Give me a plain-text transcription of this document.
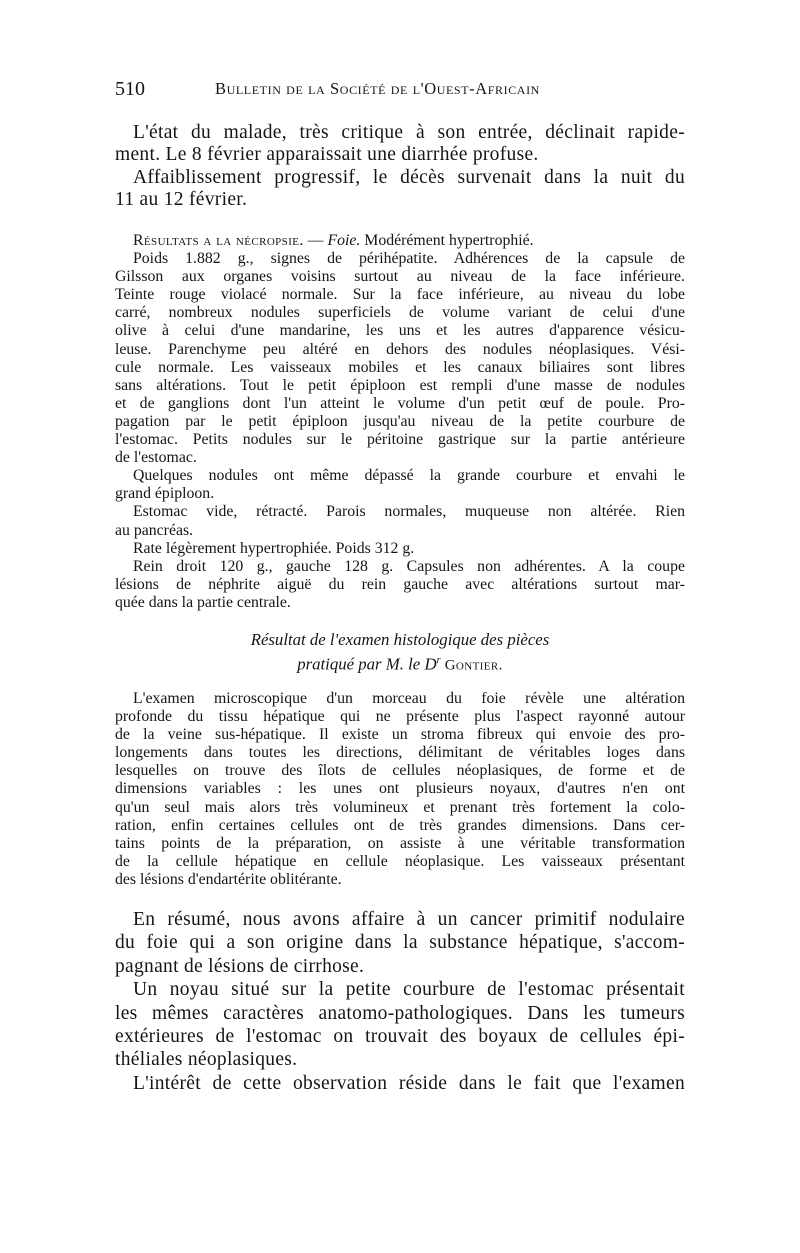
510	Bulletin de la Société de l'Ouest-Africain
L'état du malade, très critique à son entrée, déclinait rapide-
ment. Le 8 février apparaissait une diarrhée profuse.
Affaiblissement progressif, le décès survenait dans la nuit du
11 au 12 février.
Résultats a la nécropsie. — Foie. Modérément hypertrophié.
Poids 1.882 g., signes de périhépatite. Adhérences de la capsule de
Gilsson aux organes voisins surtout au niveau de la face inférieure.
Teinte rouge violacé normale. Sur la face inférieure, au niveau du lobe
carré, nombreux nodules superficiels de volume variant de celui d'une
olive à celui d'une mandarine, les uns et les autres d'apparence vésicu-
leuse. Parenchyme peu altéré en dehors des nodules néoplasiques. Vési-
cule normale. Les vaisseaux mobiles et les canaux biliaires sont libres
sans altérations. Tout le petit épiploon est rempli d'une masse de nodules
et de ganglions dont l'un atteint le volume d'un petit œuf de poule. Pro-
pagation par le petit épiploon jusqu'au niveau de la petite courbure de
l'estomac. Petits nodules sur le péritoine gastrique sur la partie antérieure
de l'estomac.
Quelques nodules ont même dépassé la grande courbure et envahi le
grand épiploon.
Estomac vide, rétracté. Parois normales, muqueuse non altérée. Rien
au pancréas.
Rate légèrement hypertrophiée. Poids 312 g.
Rein droit 120 g., gauche 128 g. Capsules non adhérentes. A la coupe
lésions de néphrite aiguë du rein gauche avec altérations surtout mar-
quée dans la partie centrale.
Résultat de l'examen histologique des pièces
pratiqué par M. le $D^r$ Gontier.
L'examen microscopique d'un morceau du foie révèle une altération
profonde du tissu hépatique qui ne présente plus l'aspect rayonné autour
de la veine sus-hépatique. Il existe un stroma fibreux qui envoie des pro-
longements dans toutes les directions, délimitant de véritables loges dans
lesquelles on trouve des îlots de cellules néoplasiques, de forme et de
dimensions variables : les unes ont plusieurs noyaux, d'autres n'en ont
qu'un seul mais alors très volumineux et prenant très fortement la colo-
ration, enfin certaines cellules ont de très grandes dimensions. Dans cer-
tains points de la préparation, on assiste à une véritable transformation
de la cellule hépatique en cellule néoplasique. Les vaisseaux présentant
des lésions d'endartérite oblitérante.
En résumé, nous avons affaire à un cancer primitif nodulaire
du foie qui a son origine dans la substance hépatique, s'accom-
pagnant de lésions de cirrhose.
Un noyau situé sur la petite courbure de l'estomac présentait
les mêmes caractères anatomo-pathologiques. Dans les tumeurs
extérieures de l'estomac on trouvait des boyaux de cellules épi-
théliales néoplasiques.
L'intérêt de cette observation réside dans le fait que l'examen
